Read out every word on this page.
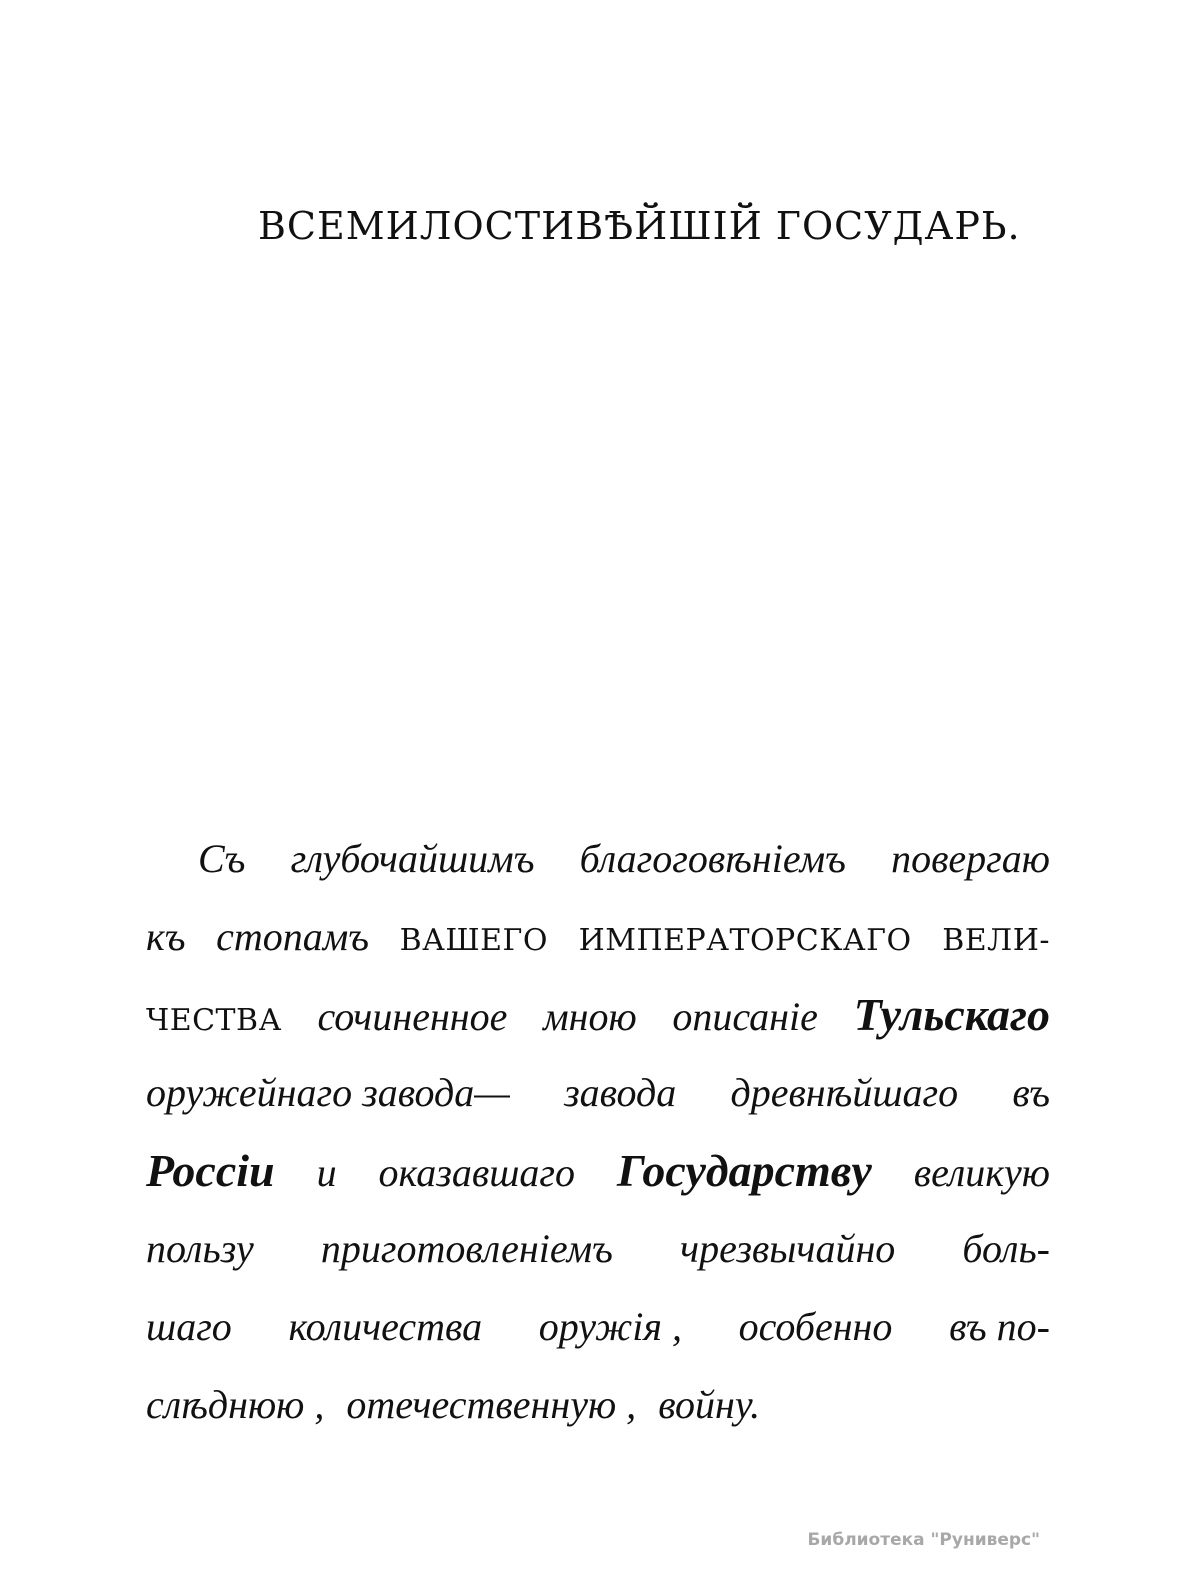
ВСЕМИЛОСТИВѢЙШІЙ ГОСУДАРЬ.
Съ глубочайшимъ благоговѣніемъ повергаю
къ стопамъ ВАШЕГО ИМПЕРАТОРСКАГО ВЕЛИ-
ЧЕСТВА сочиненное мною описаніе Тульскаго
оружейнаго завода— завода древнѣйшаго въ
Россіи и оказавшаго Государству великую
пользу приготовленіемъ чрезвычайно боль-
шаго количества оружія , особенно въ по-
слѣднюю , отечественную , войну.
Библиотека "Руниверс"
